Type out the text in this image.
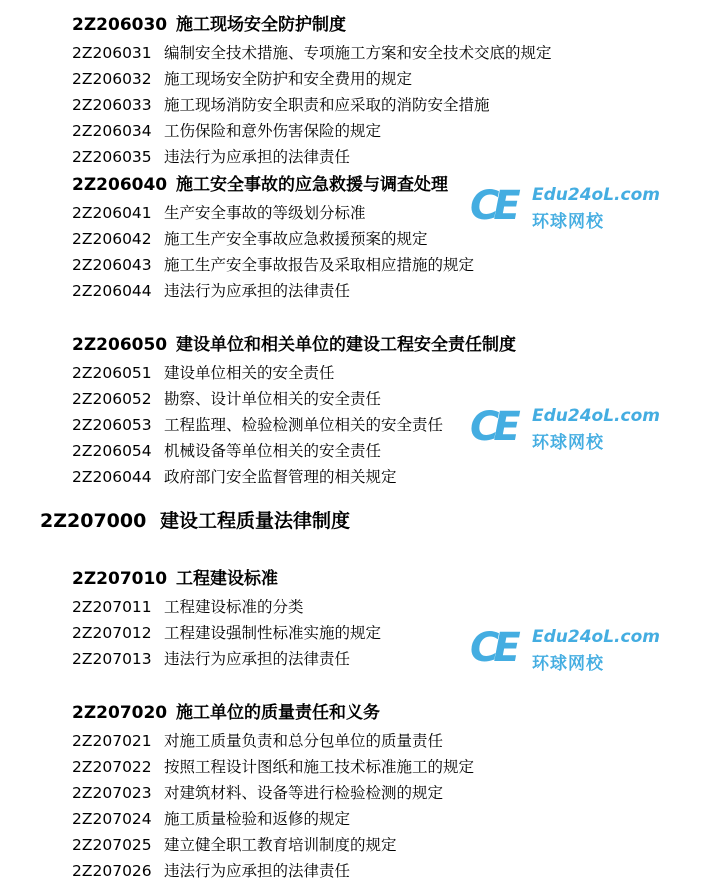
CE Edu24oL.com
环球网校
CE Edu24oL.com
环球网校
CE Edu24oL.com
环球网校
2Z206030 施工现场安全防护制度
2Z206031 编制安全技术措施、专项施工方案和安全技术交底的规定
2Z206032 施工现场安全防护和安全费用的规定
2Z206033 施工现场消防安全职责和应采取的消防安全措施
2Z206034 工伤保险和意外伤害保险的规定
2Z206035 违法行为应承担的法律责任
2Z206040 施工安全事故的应急救援与调查处理
2Z206041 生产安全事故的等级划分标准
2Z206042 施工生产安全事故应急救援预案的规定
2Z206043 施工生产安全事故报告及采取相应措施的规定
2Z206044 违法行为应承担的法律责任
2Z206050 建设单位和相关单位的建设工程安全责任制度
2Z206051 建设单位相关的安全责任
2Z206052 勘察、设计单位相关的安全责任
2Z206053 工程监理、检验检测单位相关的安全责任
2Z206054 机械设备等单位相关的安全责任
2Z206044 政府部门安全监督管理的相关规定
2Z207000 建设工程质量法律制度
2Z207010 工程建设标准
2Z207011 工程建设标准的分类
2Z207012 工程建设强制性标准实施的规定
2Z207013 违法行为应承担的法律责任
2Z207020 施工单位的质量责任和义务
2Z207021 对施工质量负责和总分包单位的质量责任
2Z207022 按照工程设计图纸和施工技术标准施工的规定
2Z207023 对建筑材料、设备等进行检验检测的规定
2Z207024 施工质量检验和返修的规定
2Z207025 建立健全职工教育培训制度的规定
2Z207026 违法行为应承担的法律责任
